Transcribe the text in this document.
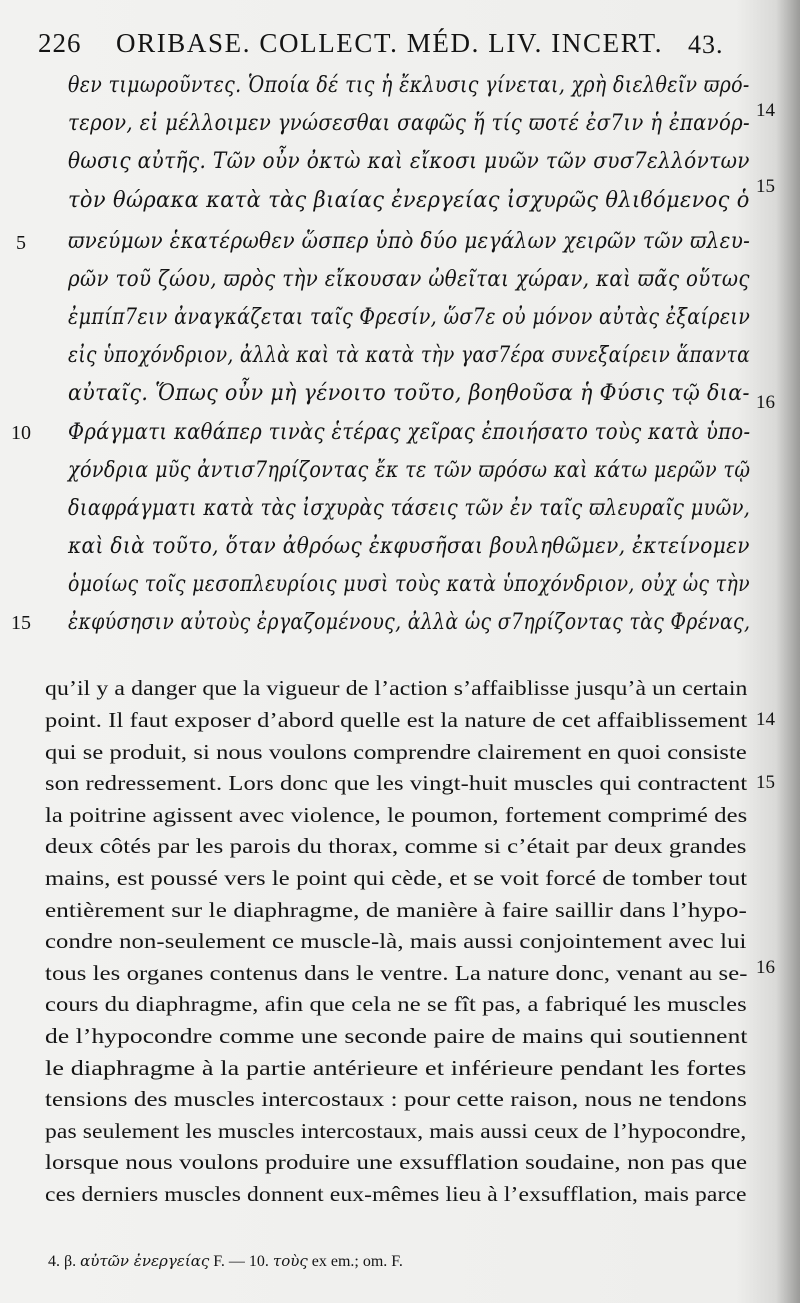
226 ORIBASE. COLLECT. MÉD. LIV. INCERT. 43.
θεν τιμωροῦντες. Ὁποία δέ τις ἡ ἔκλυσις γίνεται, χρὴ διελθεῖν ϖρό-
τερον, εἰ μέλλοιμεν γνώσεσθαι σαφῶς ἥ τίς ϖοτέ ἐσ7ιν ἡ ἐπανόρ-
θωσις αὐτῆς. Τῶν οὖν ὀκτὼ καὶ εἴκοσι μυῶν τῶν συσ7ελλόντων
τὸν θώρακα κατὰ τὰς βιαίας ἐνεργείας ἰσχυρῶς θλιϐόμενος ὁ
ϖνεύμων ἑκατέρωθεν ὥσπερ ὑπὸ δύο μεγάλων χειρῶν τῶν ϖλευ-
ρῶν τοῦ ζώου, ϖρὸς τὴν εἴκουσαν ὠθεῖται χώραν, καὶ ϖᾶς οὕτως
ἐμπίπ7ειν ἀναγκάζεται ταῖς Φρεσίν, ὥσ7ε οὐ μόνον αὐτὰς ἐξαίρειν
εἰς ὑποχόνδριον, ἀλλὰ καὶ τὰ κατὰ τὴν γασ7έρα συνεξαίρειν ἅπαντα
αὐταῖς. Ὅπως οὖν μὴ γένοιτο τοῦτο, βοηθοῦσα ἡ Φύσις τῷ δια-
Φράγματι καθάπερ τινὰς ἑτέρας χεῖρας ἐποιήσατο τοὺς κατὰ ὑπο-
χόνδρια μῦς ἀντισ7ηρίζοντας ἔκ τε τῶν ϖρόσω καὶ κάτω μερῶν τῷ
διαφράγματι κατὰ τὰς ἰσχυρὰς τάσεις τῶν ἐν ταῖς ϖλευραῖς μυῶν,
καὶ διὰ τοῦτο, ὅταν ἀθρόως ἐκφυσῆσαι βουληθῶμεν, ἐκτείνομεν
ὁμοίως τοῖς μεσοπλευρίοις μυσὶ τοὺς κατὰ ὑποχόνδριον, οὐχ ὡς τὴν
ἐκφύσησιν αὐτοὺς ἐργαζομένους, ἀλλὰ ὡς σ7ηρίζοντας τὰς Φρένας,
5
10
15
14
15
16
qu’il y a danger que la vigueur de l’action s’affaiblisse jusqu’à un certain
point. Il faut exposer d’abord quelle est la nature de cet affaiblissement
qui se produit, si nous voulons comprendre clairement en quoi consiste
son redressement. Lors donc que les vingt-huit muscles qui contractent
la poitrine agissent avec violence, le poumon, fortement comprimé des
deux côtés par les parois du thorax, comme si c’était par deux grandes
mains, est poussé vers le point qui cède, et se voit forcé de tomber tout
entièrement sur le diaphragme, de manière à faire saillir dans l’hypo-
condre non-seulement ce muscle-là, mais aussi conjointement avec lui
tous les organes contenus dans le ventre. La nature donc, venant au se-
cours du diaphragme, afin que cela ne se fît pas, a fabriqué les muscles
de l’hypocondre comme une seconde paire de mains qui soutiennent
le diaphragme à la partie antérieure et inférieure pendant les fortes
tensions des muscles intercostaux : pour cette raison, nous ne tendons
pas seulement les muscles intercostaux, mais aussi ceux de l’hypocondre,
lorsque nous voulons produire une exsufflation soudaine, non pas que
ces derniers muscles donnent eux-mêmes lieu à l’exsufflation, mais parce
14
15
16
4. β. αὐτῶν ἐνεργείας F. — 10. τοὺς ex em.; om. F.
